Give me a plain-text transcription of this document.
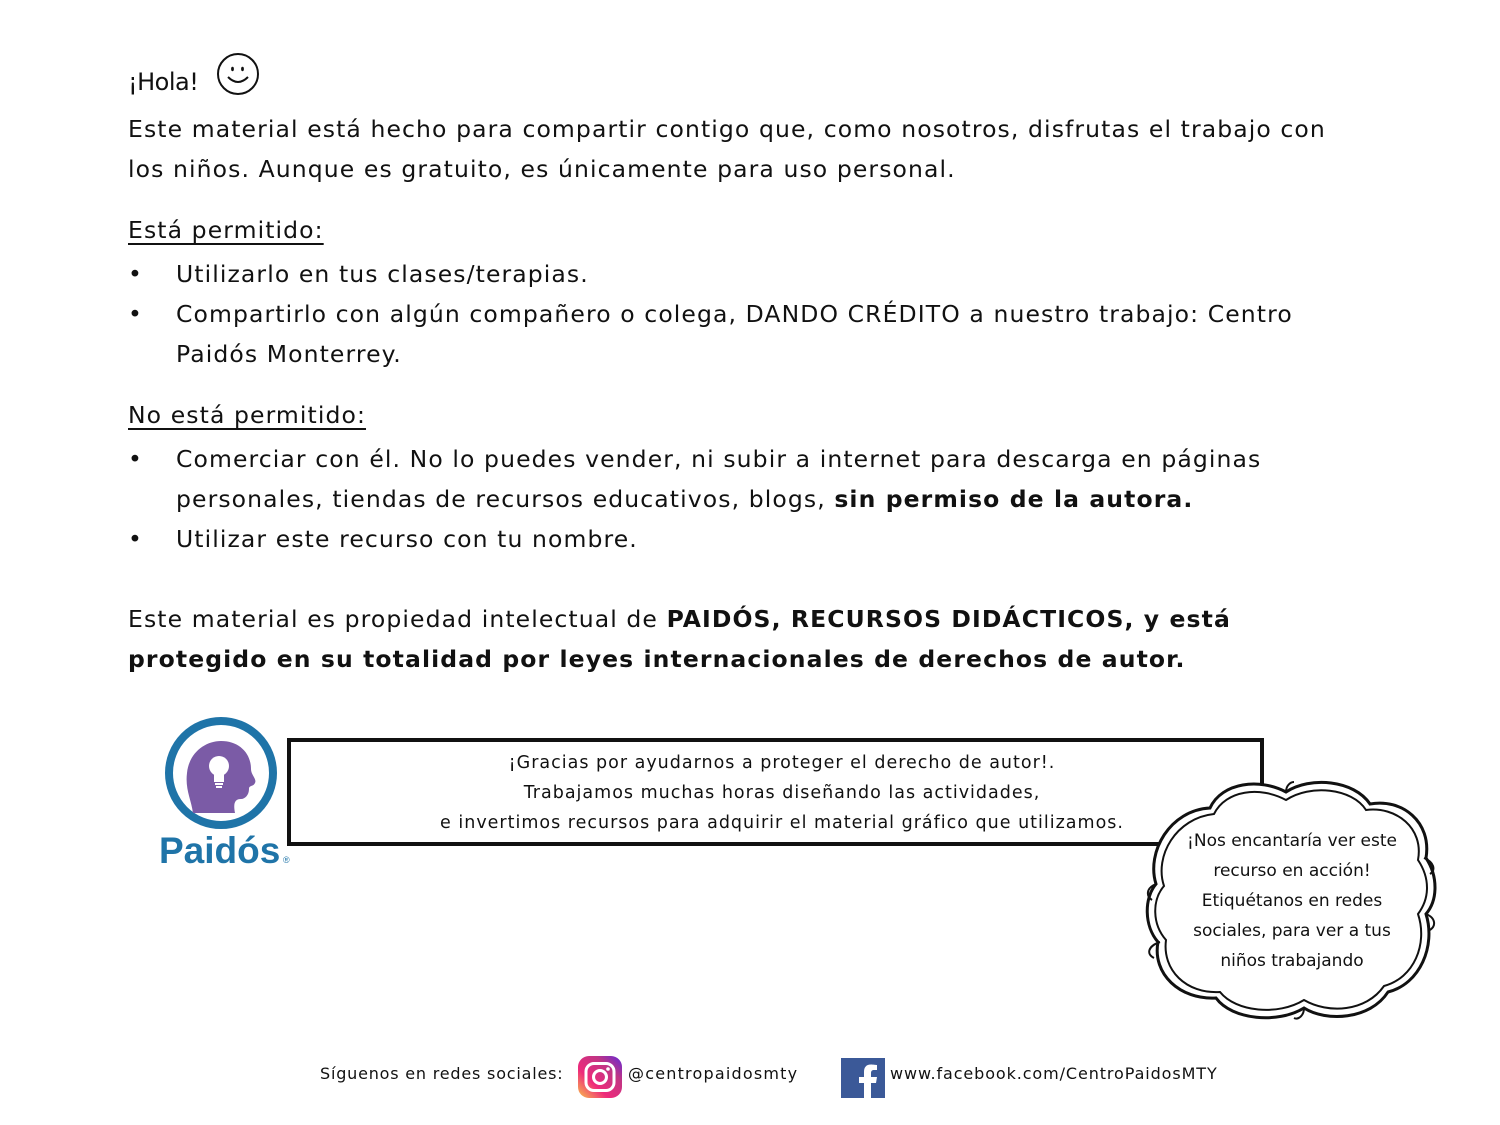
¡Hola!

Este material está hecho para compartir contigo que, como nosotros, disfrutas el trabajo con los niños. Aunque es gratuito, es únicamente para uso personal.

Está permitido:

• Utilizarlo en tus clases/terapias.
• Compartirlo con algún compañero o colega, DANDO CRÉDITO a nuestro trabajo: Centro Paidós Monterrey.

No está permitido:

• Comerciar con él. No lo puedes vender, ni subir a internet para descarga en páginas personales, tiendas de recursos educativos, blogs, sin permiso de la autora.
• Utilizar este recurso con tu nombre.

Este material es propiedad intelectual de PAIDÓS, RECURSOS DIDÁCTICOS, y está protegido en su totalidad por leyes internacionales de derechos de autor.

Paidós ®
¡Gracias por ayudarnos a proteger el derecho de autor!.
Trabajamos muchas horas diseñando las actividades,
e invertimos recursos para adquirir el material gráfico que utilizamos.
¡Nos encantaría ver este
recurso en acción!
Etiquétanos en redes
sociales, para ver a tus
niños trabajando
Síguenos en redes sociales:	@centropaidosmty	www.facebook.com/CentroPaidosMTY
